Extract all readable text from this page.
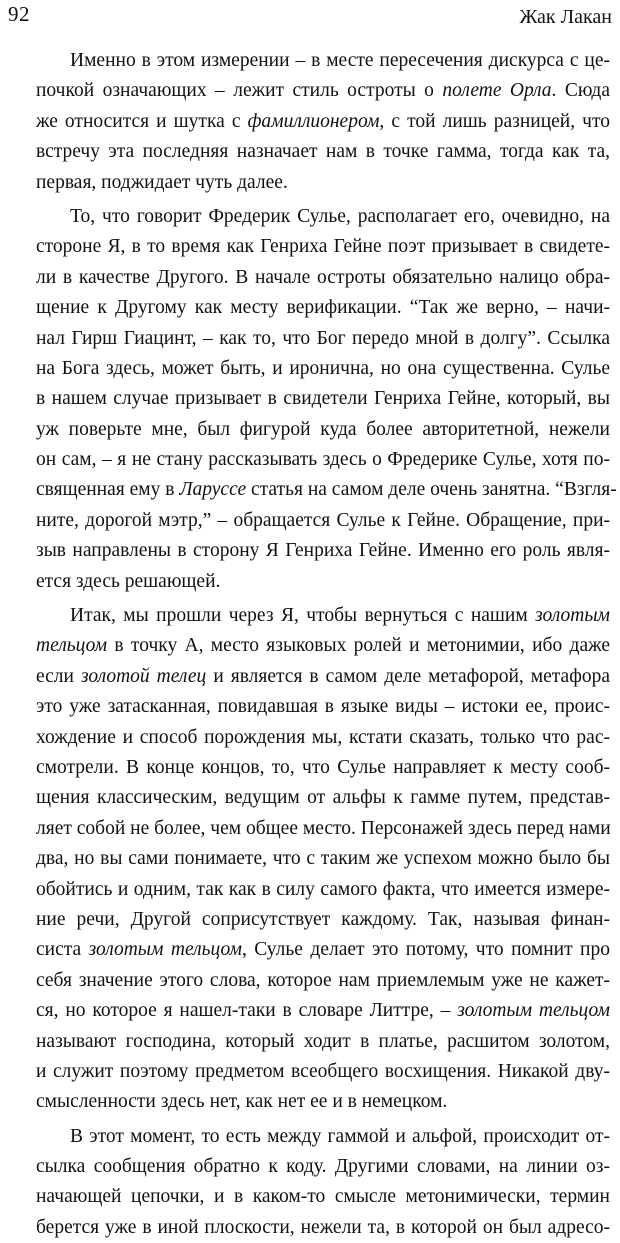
92	Жак Лакан
Именно в этом измерении – в месте пересечения дискурса с це-
почкой означающих – лежит стиль остроты о полете Орла. Сюда
же относится и шутка с фамиллионером, с той лишь разницей, что
встречу эта последняя назначает нам в точке гамма, тогда как та,
первая, поджидает чуть далее.
То, что говорит Фредерик Сулье, располагает его, очевидно, на
стороне Я, в то время как Генриха Гейне поэт призывает в свидете-
ли в качестве Другого. В начале остроты обязательно налицо обра-
щение к Другому как месту верификации. “Так же верно, – начи-
нал Гирш Гиацинт, – как то, что Бог передо мной в долгу”. Ссылка
на Бога здесь, может быть, и иронична, но она существенна. Сулье
в нашем случае призывает в свидетели Генриха Гейне, который, вы
уж поверьте мне, был фигурой куда более авторитетной, нежели
он сам, – я не стану рассказывать здесь о Фредерике Сулье, хотя по-
священная ему в Ларуссе статья на самом деле очень занятна. “Взгля-
ните, дорогой мэтр,” – обращается Сулье к Гейне. Обращение, при-
зыв направлены в сторону Я Генриха Гейне. Именно его роль явля-
ется здесь решающей.
Итак, мы прошли через Я, чтобы вернуться с нашим золотым
тельцом в точку А, место языковых ролей и метонимии, ибо даже
если золотой телец и является в самом деле метафорой, метафора
это уже затасканная, повидавшая в языке виды – истоки ее, проис-
хождение и способ порождения мы, кстати сказать, только что рас-
смотрели. В конце концов, то, что Сулье направляет к месту сооб-
щения классическим, ведущим от альфы к гамме путем, представ-
ляет собой не более, чем общее место. Персонажей здесь перед нами
два, но вы сами понимаете, что с таким же успехом можно было бы
обойтись и одним, так как в силу самого факта, что имеется измере-
ние речи, Другой соприсутствует каждому. Так, называя финан-
систа золотым тельцом, Сулье делает это потому, что помнит про
себя значение этого слова, которое нам приемлемым уже не кажет-
ся, но которое я нашел-таки в словаре Литтре, – золотым тельцом
называют господина, который ходит в платье, расшитом золотом,
и служит поэтому предметом всеобщего восхищения. Никакой дву-
смысленности здесь нет, как нет ее и в немецком.
В этот момент, то есть между гаммой и альфой, происходит от-
сылка сообщения обратно к коду. Другими словами, на линии оз-
начающей цепочки, и в каком-то смысле метонимически, термин
берется уже в иной плоскости, нежели та, в которой он был адресо-
